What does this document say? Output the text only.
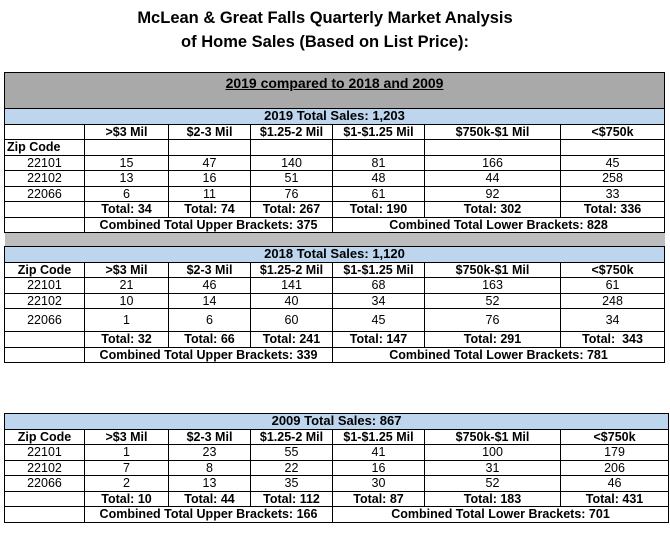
McLean & Great Falls Quarterly Market Analysis
of Home Sales (Based on List Price):
2019 compared to 2018 and 2009						
2019 Total Sales: 1,203						
	>$3 Mil	$2-3 Mil	$1.25-2 Mil	$1-$1.25 Mil	$750k-$1 Mil	<$750k
Zip Code						
22101	15	47	140	81	166	45
22102	13	16	51	48	44	258
22066	6	11	76	61	92	33
	Total: 34	Total: 74	Total: 267	Total: 190	Total: 302	Total: 336
	Combined Total Upper Brackets: 375			Combined Total Lower Brackets: 828		

2018 Total Sales: 1,120						
Zip Code	>$3 Mil	$2-3 Mil	$1.25-2 Mil	$1-$1.25 Mil	$750k-$1 Mil	<$750k
22101	21	46	141	68	163	61
22102	10	14	40	34	52	248
22066	1	6	60	45	76	34
	Total: 32	Total: 66	Total: 241	Total: 147	Total: 291	Total:  343
	Combined Total Upper Brackets: 339			Combined Total Lower Brackets: 781		
2009 Total Sales: 867						
Zip Code	>$3 Mil	$2-3 Mil	$1.25-2 Mil	$1-$1.25 Mil	$750k-$1 Mil	<$750k
22101	1	23	55	41	100	179
22102	7	8	22	16	31	206
22066	2	13	35	30	52	46
	Total: 10	Total: 44	Total: 112	Total: 87	Total: 183	Total: 431
	Combined Total Upper Brackets: 166			Combined Total Lower Brackets: 701		
